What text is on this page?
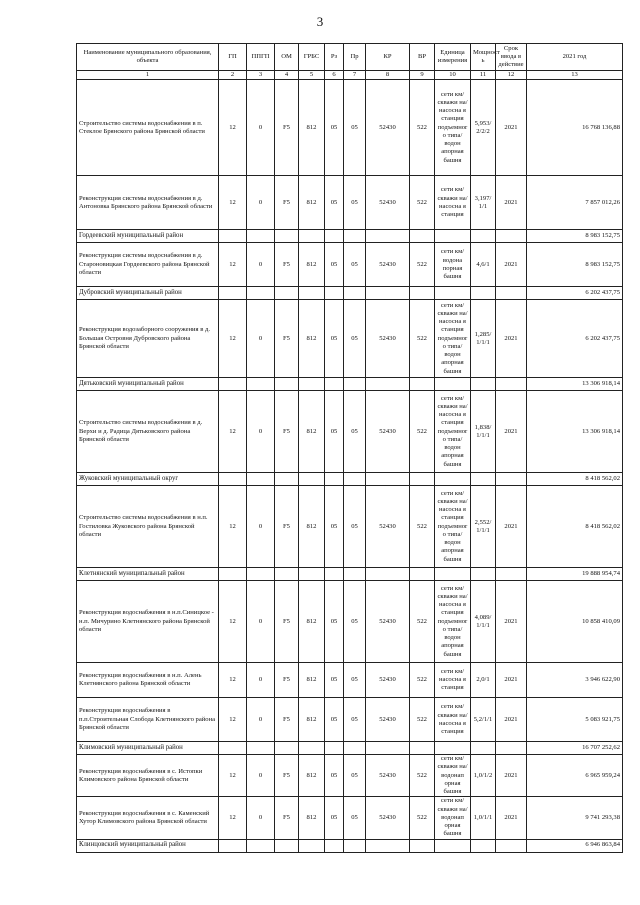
3
Наименование муниципального образования, объекта	ГП	ППГП	ОМ	ГРБС	Рз	Пр	КР	ВР	Единица измерения	Мощност ь	Срок ввода в действие	2021 год
1	2	3	4	5	6	7	8	9	10	11	12	13
Строительство системы водоснабжения в п. Стеклое Брянского района Брянской области	12	0	F5	812	05	05	52430	522	сети км/скважи на/насосна я станция подъемноr о типа/водон апорная башня	5,953/2/2/2	2021	16 768 136,88
Реконструкция системы водоснабжения в д. Антоновка Брянского района Брянской области	12	0	F5	812	05	05	52430	522	сети км/скважи на/насосна я станция	3,197/1/1	2021	7 857 012,26
Гордеевский муниципальный район												8 983 152,75
Реконструкция системы водоснабжения в д. Староновицкая Гордеевского района Брянской области	12	0	F5	812	05	05	52430	522	сети км/водона порная башня	4,6/1	2021	8 983 152,75
Дубровский муниципальный район												6 202 437,75
Реконструкция водозаборного сооружения в д. Большая Островня Дубровского района Брянской области	12	0	F5	812	05	05	52430	522	сети км/скважи на/насосна я станция подъемноr о типа/водон апорная башня	1,285/1/1/1	2021	6 202 437,75
Дятьковский муниципальный район												13 306 918,14
Строительство системы водоснабжения в д. Верхи и д. Радица Дятьковского района Брянской области	12	0	F5	812	05	05	52430	522	сети км/скважи на/насосна я станция подъемноr о типа/водон апорная башня	1,838/1/1/1	2021	13 306 918,14
Жуковский муниципальный округ												8 418 562,02
Строительство системы водоснабжения в н.п. Гостиловка Жуковского района Брянской области	12	0	F5	812	05	05	52430	522	сети км/скважи на/насосна я станция подъемноr о типа/водон апорная башня	2,552/1/1/1	2021	8 418 562,02
Клетнянский муниципальный район												19 888 954,74
Реконструкция водоснабжения в н.п.Синицкое - н.п. Мичурино Клетнянского района Брянской области	12	0	F5	812	05	05	52430	522	сети км/скважи на/насосна я станция подъемноr о типа/водон апорная башня	4,089/1/1/1	2021	10 858 410,09
Реконструкция водоснабжения в н.п. Алень Клетнянского района Брянской области	12	0	F5	812	05	05	52430	522	сети км/насосна я станция	2,0/1	2021	3 946 622,90
Реконструкция водоснабжения в п.п.Строительная Слобода Клетнянского района Брянской области	12	0	F5	812	05	05	52430	522	сети км/скважи на/насосна я станция	5,2/1/1	2021	5 083 921,75
Климовский муниципальный район												16 707 252,62
Реконструкция водоснабжения в с. Истопки Климовского района Брянской области	12	0	F5	812	05	05	52430	522	сети км/скважи на/водонап орная башня	1,0/1/2	2021	6 965 959,24
Реконструкция водоснабжения в с. Каменский Хутор Климовского района Брянской области	12	0	F5	812	05	05	52430	522	сети км/скважи на/водонап орная башня	1,0/1/1	2021	9 741 293,38
Клинцовский муниципальный район												6 946 863,84
